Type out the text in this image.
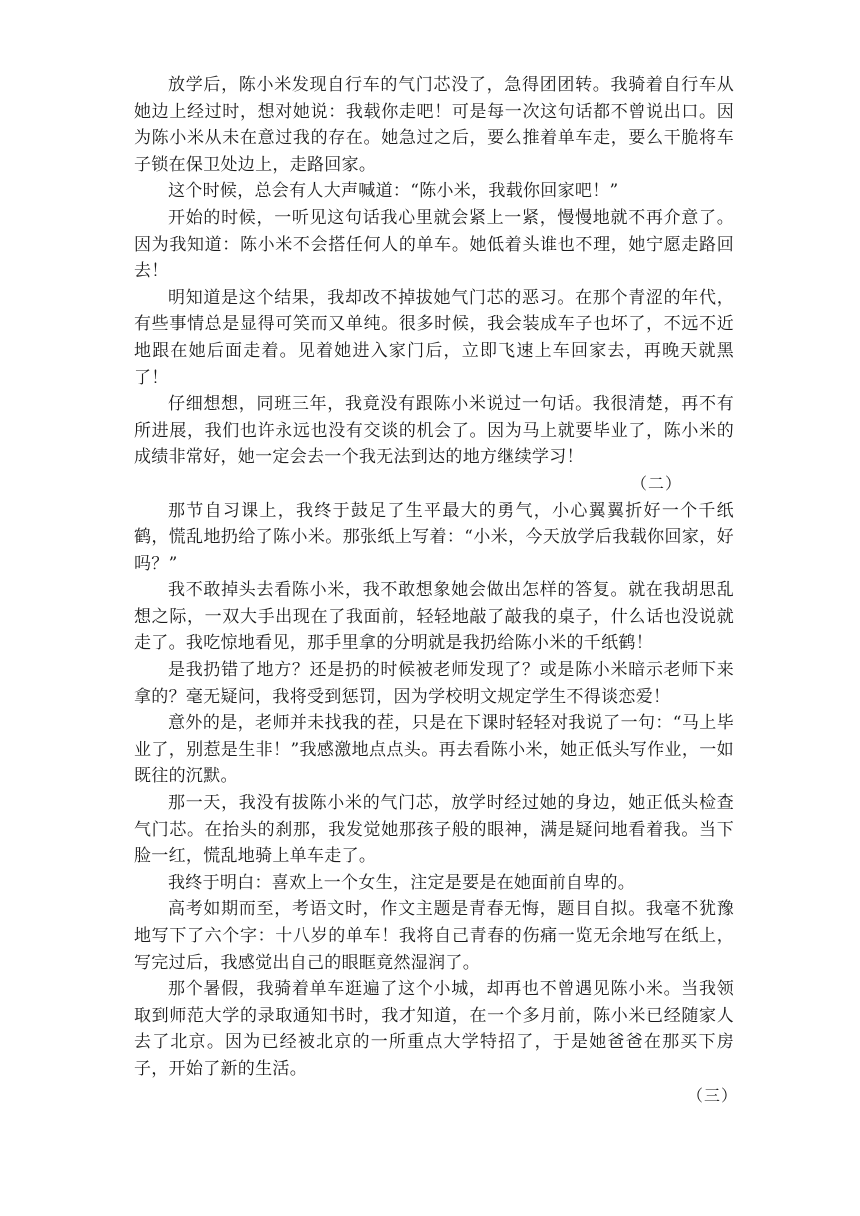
放学后，陈小米发现自行车的气门芯没了，急得团团转。我骑着自行车从她边上经过时，想对她说：我载你走吧！可是每一次这句话都不曾说出口。因为陈小米从未在意过我的存在。她急过之后，要么推着单车走，要么干脆将车子锁在保卫处边上，走路回家。

这个时候，总会有人大声喊道：“陈小米，我载你回家吧！”

开始的时候，一听见这句话我心里就会紧上一紧，慢慢地就不再介意了。因为我知道：陈小米不会搭任何人的单车。她低着头谁也不理，她宁愿走路回去！

明知道是这个结果，我却改不掉拔她气门芯的恶习。在那个青涩的年代，有些事情总是显得可笑而又单纯。很多时候，我会装成车子也坏了，不远不近地跟在她后面走着。见着她进入家门后，立即飞速上车回家去，再晚天就黑了！

仔细想想，同班三年，我竟没有跟陈小米说过一句话。我很清楚，再不有所进展，我们也许永远也没有交谈的机会了。因为马上就要毕业了，陈小米的成绩非常好，她一定会去一个我无法到达的地方继续学习！

（二）

那节自习课上，我终于鼓足了生平最大的勇气，小心翼翼折好一个千纸鹤，慌乱地扔给了陈小米。那张纸上写着：“小米，今天放学后我载你回家，好吗？”

我不敢掉头去看陈小米，我不敢想象她会做出怎样的答复。就在我胡思乱想之际，一双大手出现在了我面前，轻轻地敲了敲我的桌子，什么话也没说就走了。我吃惊地看见，那手里拿的分明就是我扔给陈小米的千纸鹤！

是我扔错了地方？还是扔的时候被老师发现了？或是陈小米暗示老师下来拿的？毫无疑问，我将受到惩罚，因为学校明文规定学生不得谈恋爱！

意外的是，老师并未找我的茬，只是在下课时轻轻对我说了一句：“马上毕业了，别惹是生非！”我感激地点点头。再去看陈小米，她正低头写作业，一如既往的沉默。

那一天，我没有拔陈小米的气门芯，放学时经过她的身边，她正低头检查气门芯。在抬头的刹那，我发觉她那孩子般的眼神，满是疑问地看着我。当下脸一红，慌乱地骑上单车走了。

我终于明白：喜欢上一个女生，注定是要是在她面前自卑的。

高考如期而至，考语文时，作文主题是青春无悔，题目自拟。我毫不犹豫地写下了六个字：十八岁的单车！我将自己青春的伤痛一览无余地写在纸上，写完过后，我感觉出自己的眼眶竟然湿润了。

那个暑假，我骑着单车逛遍了这个小城，却再也不曾遇见陈小米。当我领取到师范大学的录取通知书时，我才知道，在一个多月前，陈小米已经随家人去了北京。因为已经被北京的一所重点大学特招了，于是她爸爸在那买下房子，开始了新的生活。

（三）
